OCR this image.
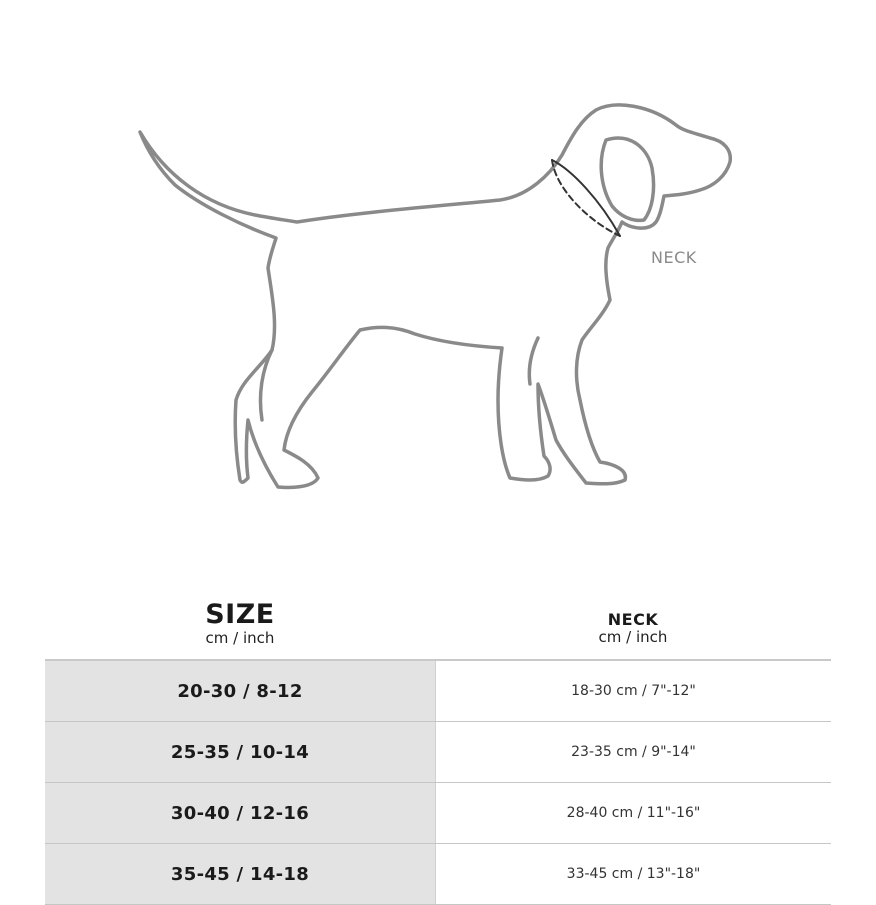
NECK
SIZE
cm / inch
NECK
cm / inch
20-30 / 8-12	18-30 cm / 7"-12"
25-35 / 10-14	23-35 cm / 9"-14"
30-40 / 12-16	28-40 cm / 11"-16"
35-45 / 14-18	33-45 cm / 13"-18"
